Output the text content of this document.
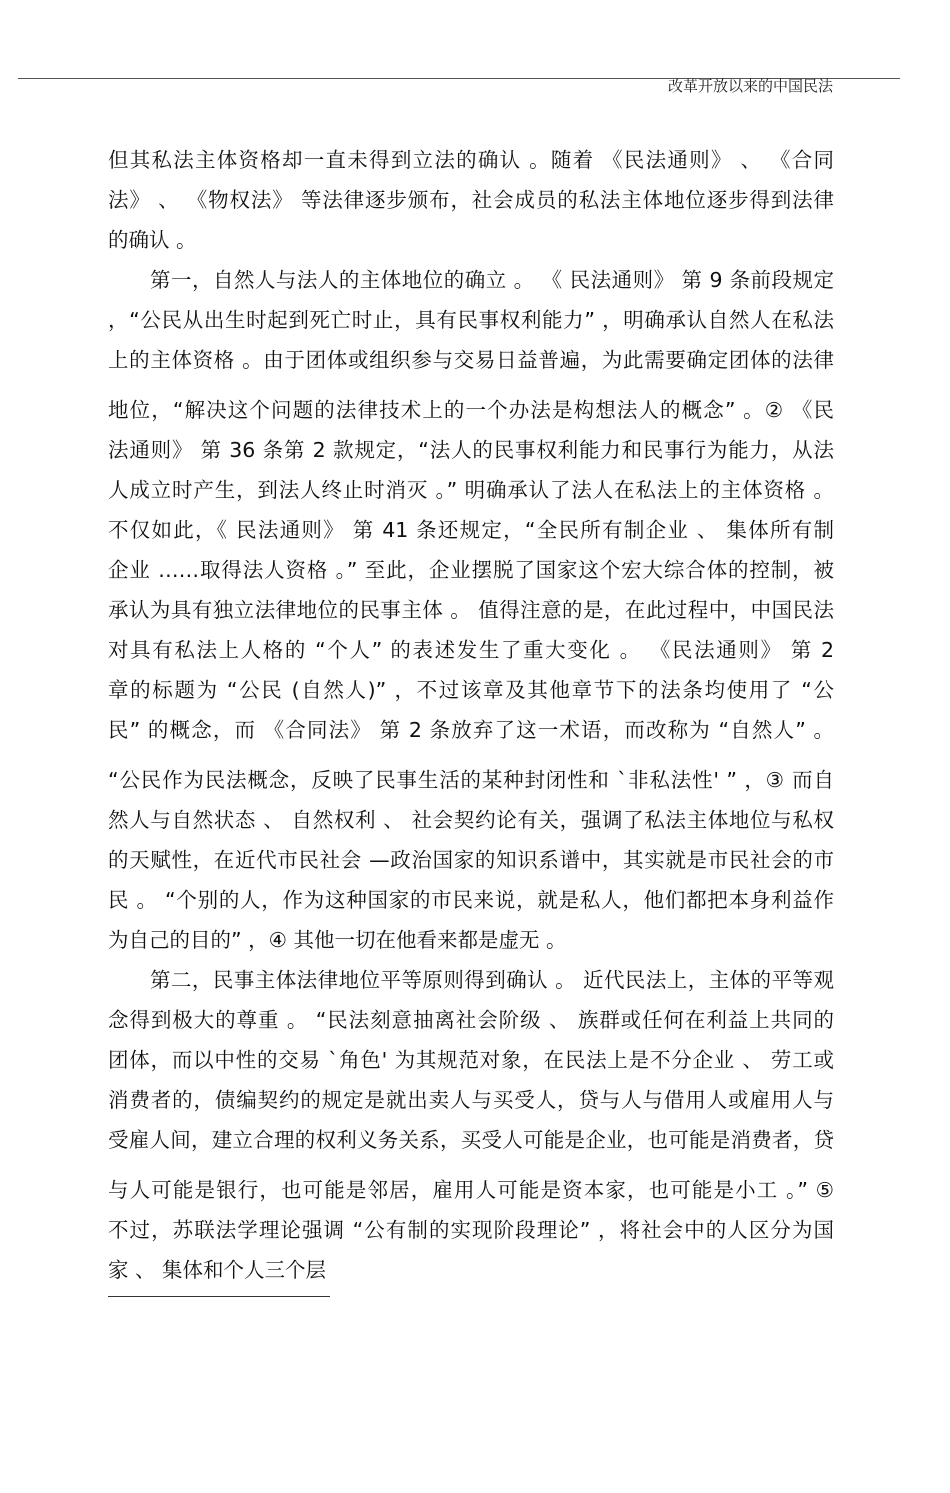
改革开放以来的中国民法
但其私法主体资格却一直未得到立法的确认 。随着 《民法通则》 、 《合同
法》 、 《物权法》 等法律逐步颁布，社会成员的私法主体地位逐步得到法律
的确认 。
第一，自然人与法人的主体地位的确立 。 《 民法通则》 第 9 条前段规定
，“公民从出生时起到死亡时止，具有民事权利能力” ，明确承认自然人在私法
上的主体资格 。由于团体或组织参与交易日益普遍，为此需要确定团体的法律
地位，“解决这个问题的法律技术上的一个办法是构想法人的概念” 。② 《民
法通则》 第 36 条第 2 款规定，“法人的民事权利能力和民事行为能力，从法
人成立时产生，到法人终止时消灭 。” 明确承认了法人在私法上的主体资格 。
不仅如此，《 民法通则》 第 41 条还规定，“全民所有制企业 、 集体所有制
企业 ……取得法人资格 。” 至此，企业摆脱了国家这个宏大综合体的控制，被
承认为具有独立法律地位的民事主体 。 值得注意的是，在此过程中，中国民法
对具有私法上人格的 “个人” 的表述发生了重大变化 。 《民法通则》 第 2
章的标题为 “公民 (自然人)” ，不过该章及其他章节下的法条均使用了 “公
民” 的概念，而 《合同法》 第 2 条放弃了这一术语，而改称为 “自然人” 。
“公民作为民法概念，反映了民事生活的某种封闭性和 `非私法性' ” ，③ 而自
然人与自然状态 、 自然权利 、 社会契约论有关，强调了私法主体地位与私权
的天赋性，在近代市民社会 —政治国家的知识系谱中，其实就是市民社会的市
民 。 “个别的人，作为这种国家的市民来说，就是私人，他们都把本身利益作
为自己的目的” ，④ 其他一切在他看来都是虚无 。
第二，民事主体法律地位平等原则得到确认 。 近代民法上，主体的平等观
念得到极大的尊重 。 “民法刻意抽离社会阶级 、 族群或任何在利益上共同的
团体，而以中性的交易 `角色' 为其规范对象，在民法上是不分企业 、 劳工或
消费者的，债编契约的规定是就出卖人与买受人，贷与人与借用人或雇用人与
受雇人间，建立合理的权利义务关系，买受人可能是企业，也可能是消费者，贷
与人可能是银行，也可能是邻居，雇用人可能是资本家，也可能是小工 。” ⑤
不过，苏联法学理论强调 “公有制的实现阶段理论” ，将社会中的人区分为国
家 、 集体和个人三个层
